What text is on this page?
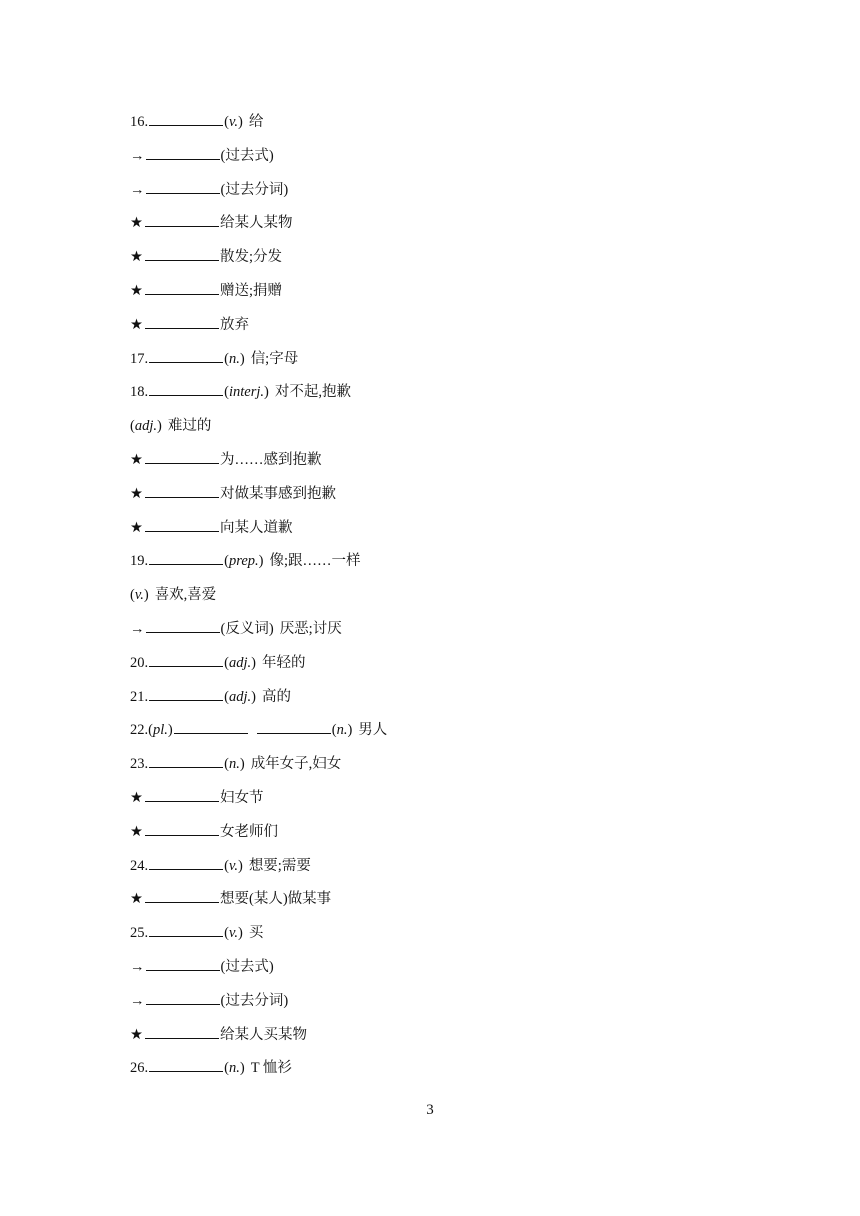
16.	(v.) 给
→	(过去式)
→	(过去分词)
★	给某人某物
★	散发;分发
★	赠送;捐赠
★	放弃
17.	(n.) 信;字母
18.	(interj.) 对不起,抱歉
(adj.) 难过的
★	为……感到抱歉
★	对做某事感到抱歉
★	向某人道歉
19.	(prep.) 像;跟……一样
(v.) 喜欢,喜爱
→	(反义词) 厌恶;讨厌
20.	(adj.) 年轻的
21.	(adj.) 高的
22.(pl.)	(n.) 男人
23.	(n.) 成年女子,妇女
★	妇女节
★	女老师们
24.	(v.) 想要;需要
★	想要(某人)做某事
25.	(v.) 买
→	(过去式)
→	(过去分词)
★	给某人买某物
26.	(n.) T 恤衫
3
